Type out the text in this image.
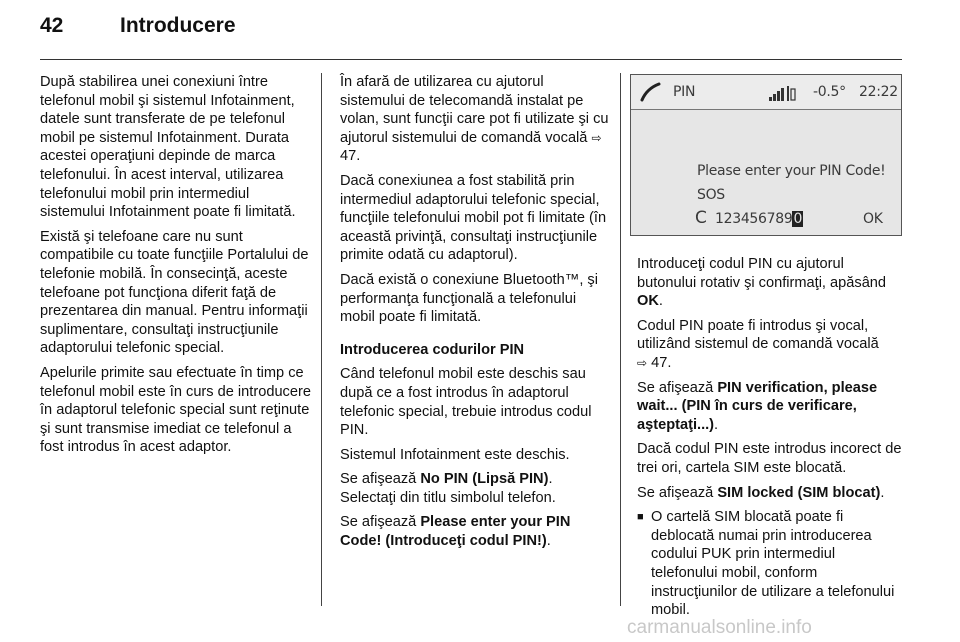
42	Introducere

După stabilirea unei conexiuni între telefonul mobil şi sistemul Infotainment, datele sunt transferate de pe telefonul mobil pe sistemul Infotainment. Durata acestei operaţiuni depinde de marca telefonului. În acest interval, utilizarea telefonului mobil prin intermediul sistemului Infotainment poate fi limitată.

Există şi telefoane care nu sunt compatibile cu toate funcţiile Portalului de telefonie mobilă. În consecinţă, aceste telefoane pot funcţiona diferit faţă de prezentarea din manual. Pentru informaţii suplimentare, consultaţi instrucţiunile adaptorului telefonic special.

Apelurile primite sau efectuate în timp ce telefonul mobil este în curs de introducere în adaptorul telefonic special sunt reţinute şi sunt transmise imediat ce telefonul a fost introdus în acest adaptor.

În afară de utilizarea cu ajutorul sistemului de telecomandă instalat pe volan, sunt funcţii care pot fi utilizate şi cu ajutorul sistemului de comandă vocală ⇨ 47.

Dacă conexiunea a fost stabilită prin intermediul adaptorului telefonic special, funcţiile telefonului mobil pot fi limitate (în această privinţă, consultaţi instrucţiunile primite odată cu adaptorul).

Dacă există o conexiune Bluetooth™, şi performanţa funcţională a telefonului mobil poate fi limitată.

Introducerea codurilor PIN

Când telefonul mobil este deschis sau după ce a fost introdus în adaptorul telefonic special, trebuie introdus codul PIN.

Sistemul Infotainment este deschis.

Se afişează No PIN (Lipsă PIN).
Selectaţi din titlu simbolul telefon.

Se afişează Please enter your PIN Code! (Introduceţi codul PIN!).

PIN	-0.5° 22:22
Please enter your PIN Code!
SOS
C 1234567890	OK

Introduceţi codul PIN cu ajutorul butonului rotativ şi confirmaţi, apăsând OK.

Codul PIN poate fi introdus şi vocal, utilizând sistemul de comandă vocală
⇨ 47.

Se afişează PIN verification, please wait... (PIN în curs de verificare, aşteptaţi...).

Dacă codul PIN este introdus incorect de trei ori, cartela SIM este blocată.

Se afişează SIM locked (SIM blocat).

■ O cartelă SIM blocată poate fi deblocată numai prin introducerea codului PUK prin intermediul telefonului mobil, conform instrucţiunilor de utilizare a telefonului mobil.
carmanualsonline.info
